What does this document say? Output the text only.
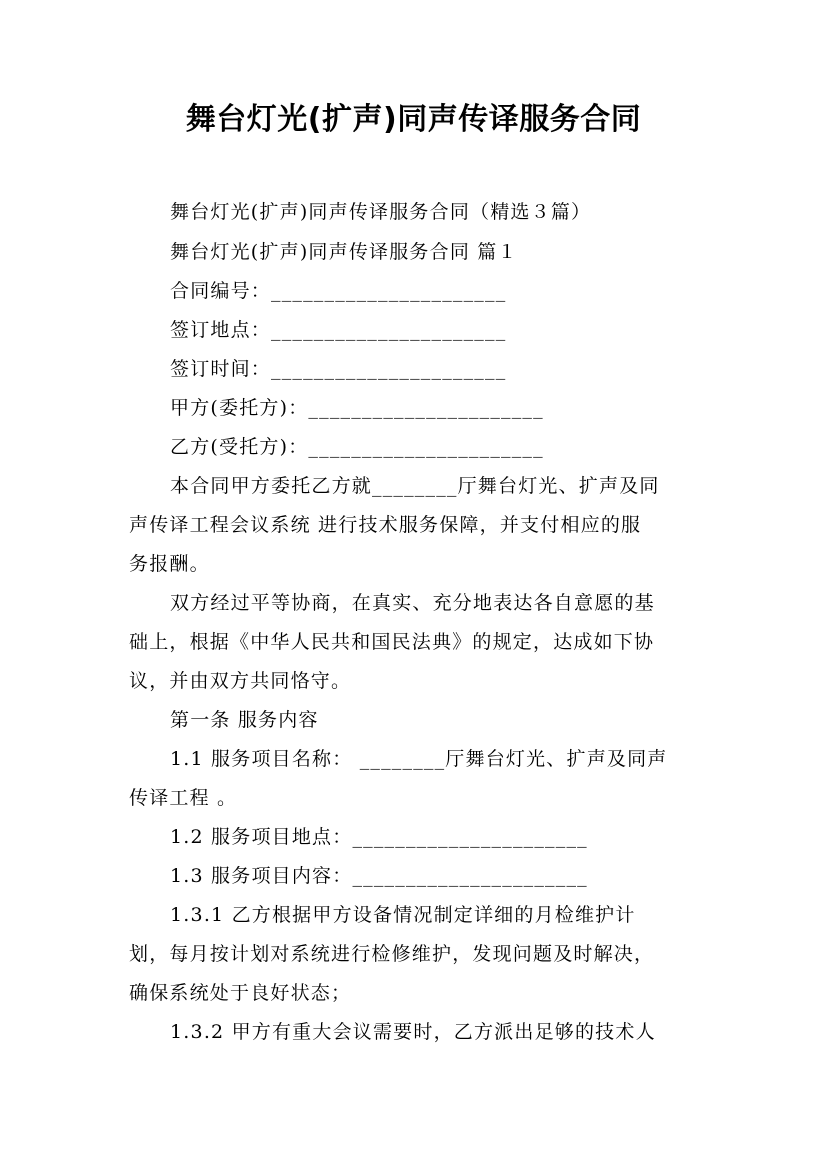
舞台灯光(扩声)同声传译服务合同
舞台灯光(扩声)同声传译服务合同（精选３篇）
舞台灯光(扩声)同声传译服务合同 篇１
合同编号：______________________
签订地点：______________________
签订时间：______________________
甲方(委托方)：______________________
乙方(受托方)：______________________
本合同甲方委托乙方就________厅舞台灯光、扩声及同
声传译工程会议系统 进行技术服务保障，并支付相应的服
务报酬。
双方经过平等协商，在真实、充分地表达各自意愿的基
础上，根据《中华人民共和国民法典》的规定，达成如下协
议，并由双方共同恪守。
第一条 服务内容
1.1 服务项目名称： ________厅舞台灯光、扩声及同声
传译工程 。
1.2 服务项目地点：______________________
1.3 服务项目内容：______________________
1.3.1 乙方根据甲方设备情况制定详细的月检维护计
划，每月按计划对系统进行检修维护，发现问题及时解决，
确保系统处于良好状态；
1.3.2 甲方有重大会议需要时，乙方派出足够的技术人
